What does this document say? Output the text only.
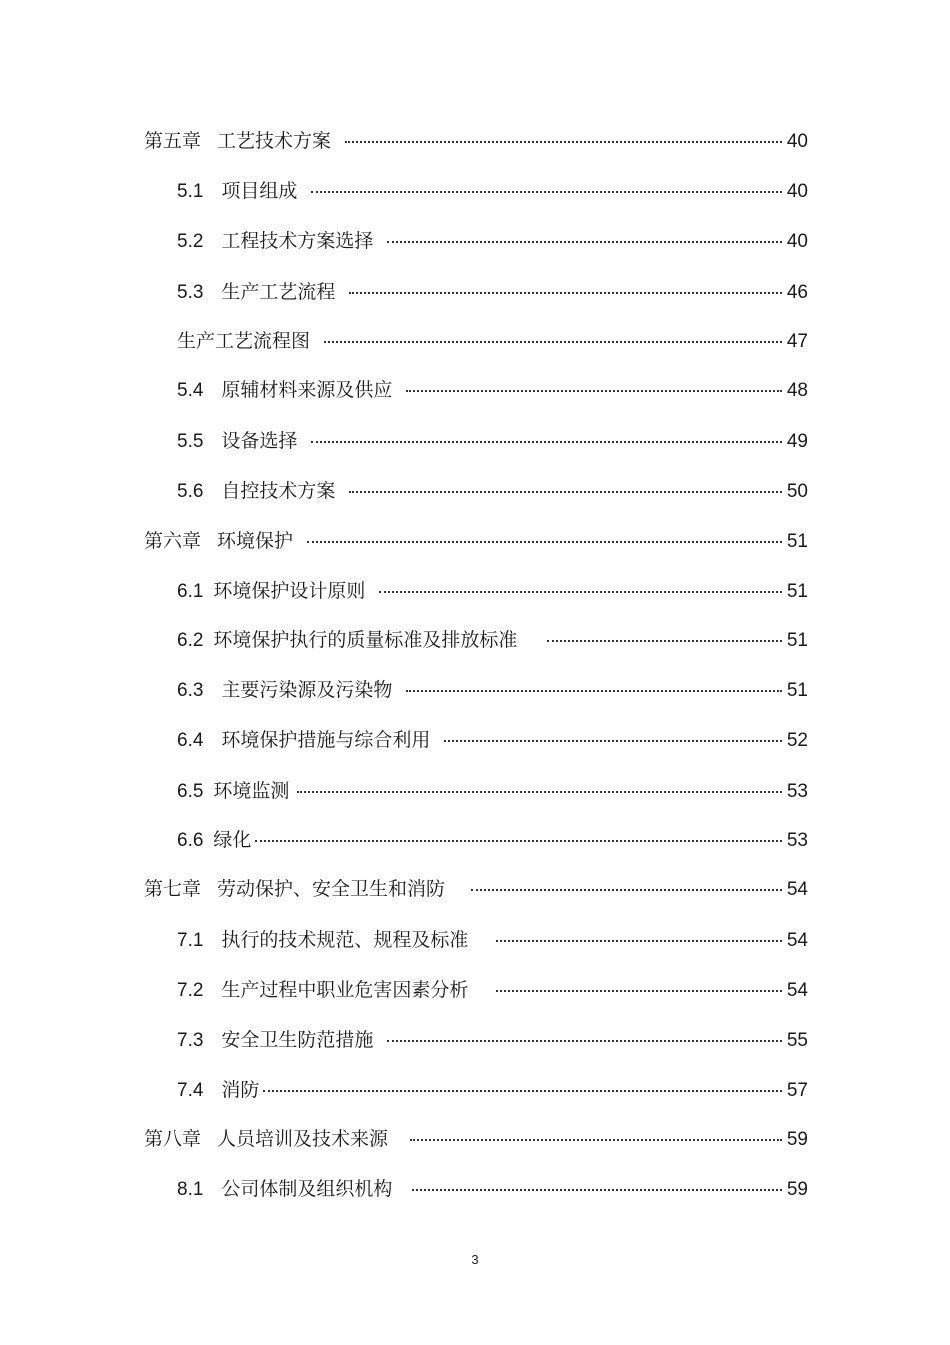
第五章 工艺技术方案	40
5.1 项目组成	40
5.2 工程技术方案选择	40
5.3 生产工艺流程	46
生产工艺流程图	47
5.4 原辅材料来源及供应	48
5.5 设备选择	49
5.6 自控技术方案	50
第六章 环境保护	51
6.1 环境保护设计原则	51
6.2 环境保护执行的质量标准及排放标准	51
6.3 主要污染源及污染物	51
6.4 环境保护措施与综合利用	52
6.5 环境监测	53
6.6 绿化	53
第七章 劳动保护、安全卫生和消防	54
7.1 执行的技术规范、规程及标准	54
7.2 生产过程中职业危害因素分析	54
7.3 安全卫生防范措施	55
7.4 消防	57
第八章 人员培训及技术来源	59
8.1 公司体制及组织机构	59
3
